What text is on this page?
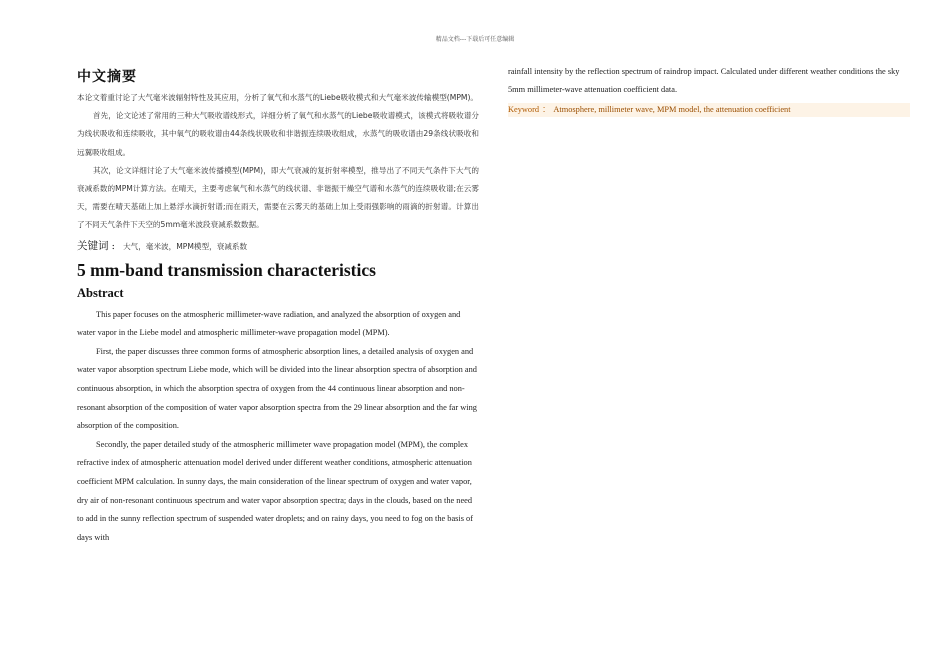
精品文档---下载后可任意编辑
中文摘要

本论文着重讨论了大气毫米波辐射特性及其应用，分析了氧气和水蒸气的Liebe吸收模式和大气毫米波传输模型(MPM)。

首先，论文论述了常用的三种大气吸收谱线形式，详细分析了氧气和水蒸气的Liebe吸收谱模式，该模式将吸收谱分为线状吸收和连续吸收，其中氧气的吸收谱由44条线状吸收和非谐振连续吸收组成，水蒸气的吸收谱由29条线状吸收和远翼吸收组成。

其次，论文详细讨论了大气毫米波传播模型(MPM)，即大气衰减的复折射率模型，推导出了不同天气条件下大气的衰减系数的MPM计算方法。在晴天，主要考虑氧气和水蒸气的线状谱、非谐振干燥空气谱和水蒸气的连续吸收谱;在云雾天，需要在晴天基础上加上悬浮水滴折射谱;而在雨天，需要在云雾天的基础上加上受雨强影响的雨滴的折射谱。计算出了不同天气条件下天空的5mm毫米波段衰减系数数据。

关键词 ： 大气，毫米波，MPM模型，衰减系数
5 mm-band transmission characteristics
Abstract

This paper focuses on the atmospheric millimeter-wave radiation, and analyzed the absorption of oxygen and water vapor in the Liebe model and atmospheric millimeter-wave propagation model (MPM).

First, the paper discusses three common forms of atmospheric absorption lines, a detailed analysis of oxygen and water vapor absorption spectrum Liebe mode, which will be divided into the linear absorption spectra of absorption and continuous absorption, in which the absorption spectra of oxygen from the 44 continuous linear absorption and non-resonant absorption of the composition of water vapor absorption spectra from the 29 linear absorption and the far wing absorption of the composition.

Secondly, the paper detailed study of the atmospheric millimeter wave propagation model (MPM), the complex refractive index of atmospheric attenuation model derived under different weather conditions, atmospheric attenuation coefficient MPM calculation. In sunny days, the main consideration of the linear spectrum of oxygen and water vapor, dry air of non-resonant continuous spectrum and water vapor absorption spectra; days in the clouds, based on the need to add in the sunny reflection spectrum of suspended water droplets; and on rainy days, you need to fog on the basis of days with

rainfall intensity by the reflection spectrum of raindrop impact. Calculated under different weather conditions the sky 5mm millimeter-wave attenuation coefficient data.

Keyword ： Atmosphere, millimeter wave, MPM model, the attenuation coefficient
